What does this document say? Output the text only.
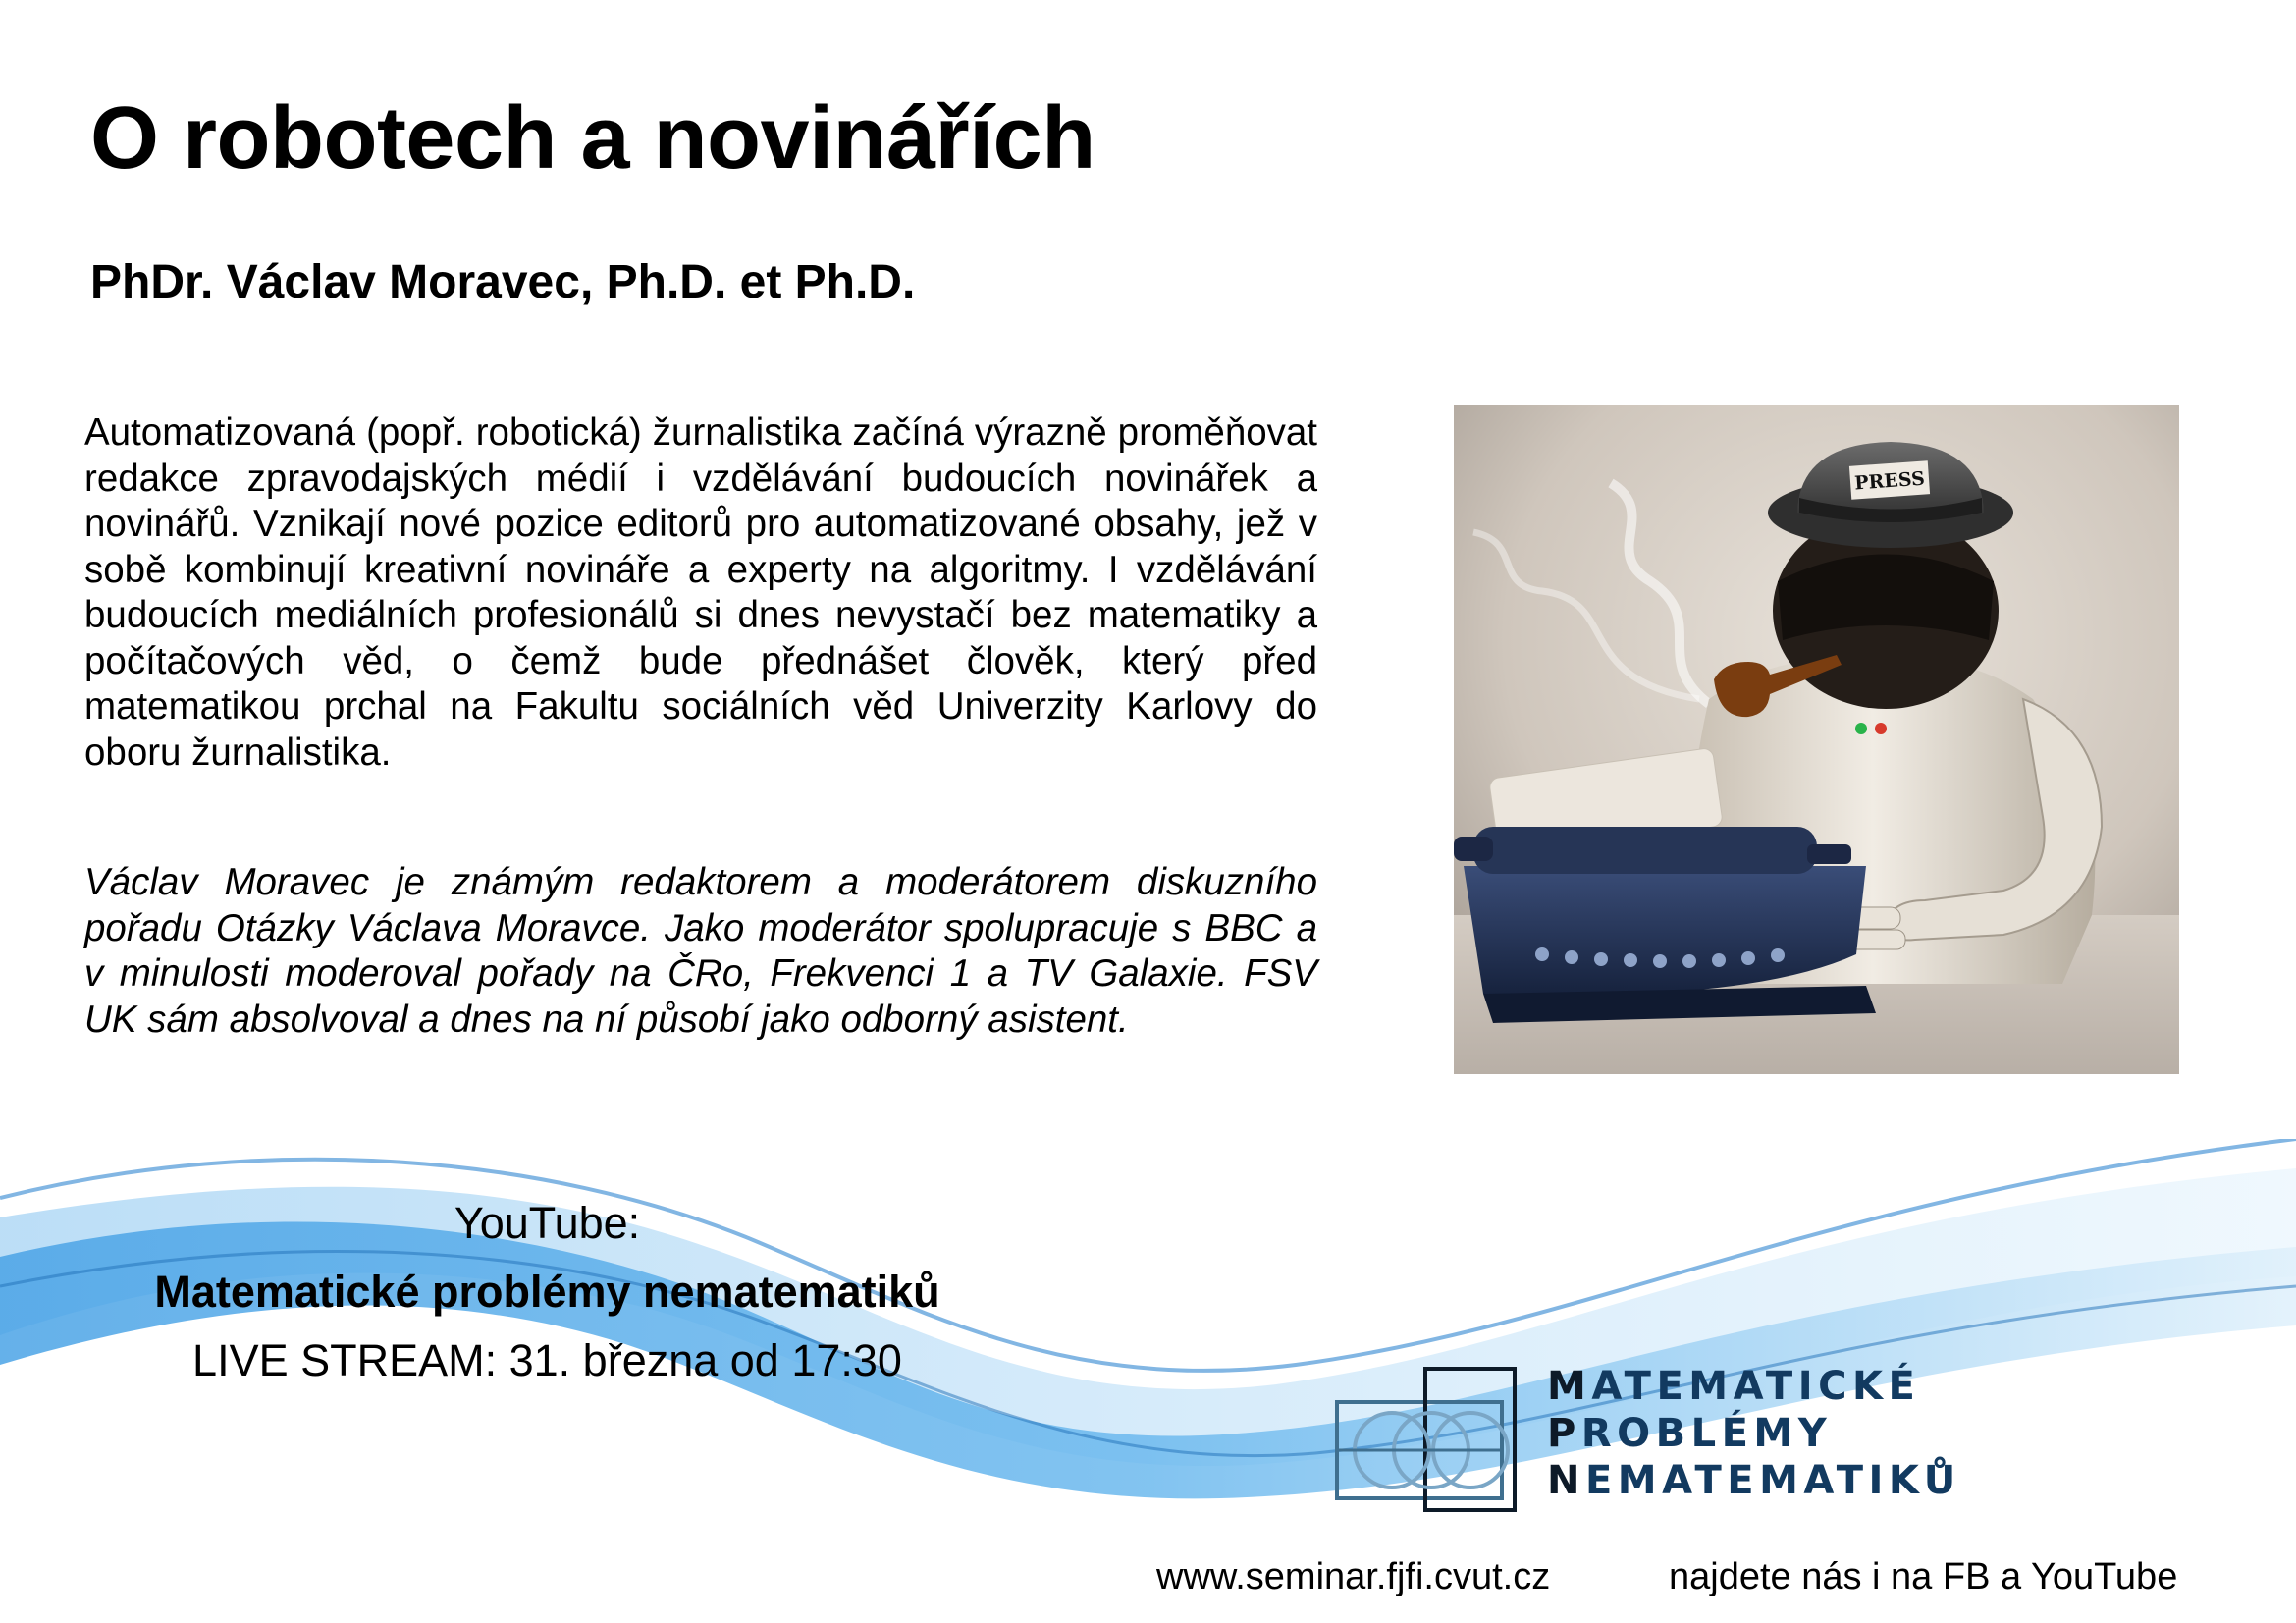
O robotech a novinářích
PhDr. Václav Moravec, Ph.D. et Ph.D.

Automatizovaná (popř. robotická) žurnalistika začíná výrazně proměňovat redakce zpravodajských médií i vzdělávání budoucích novinářek a novinářů. Vznikají nové pozice editorů pro automatizované obsahy, jež v sobě kombinují kreativní novináře a experty na algoritmy. I vzdělávání budoucích mediálních profesionálů si dnes nevystačí bez matematiky a počítačových věd, o čemž bude přednášet člověk, který před matematikou prchal na Fakultu sociálních věd Univerzity Karlovy do oboru žurnalistika.

Václav Moravec je známým redaktorem a moderátorem diskuzního pořadu Otázky Václava Moravce. Jako moderátor spolupracuje s BBC a v minulosti moderoval pořady na ČRo, Frekvenci 1 a TV Galaxie. FSV UK sám absolvoval a dnes na ní působí jako odborný asistent.

PRESS
YouTube:
Matematické problémy nematematiků
LIVE STREAM: 31. března od 17:30
MATEMATICKÉ
PROBLÉMY
NEMATEMATIKŮ
www.seminar.fjfi.cvut.cz	najdete nás i na FB a YouTube
